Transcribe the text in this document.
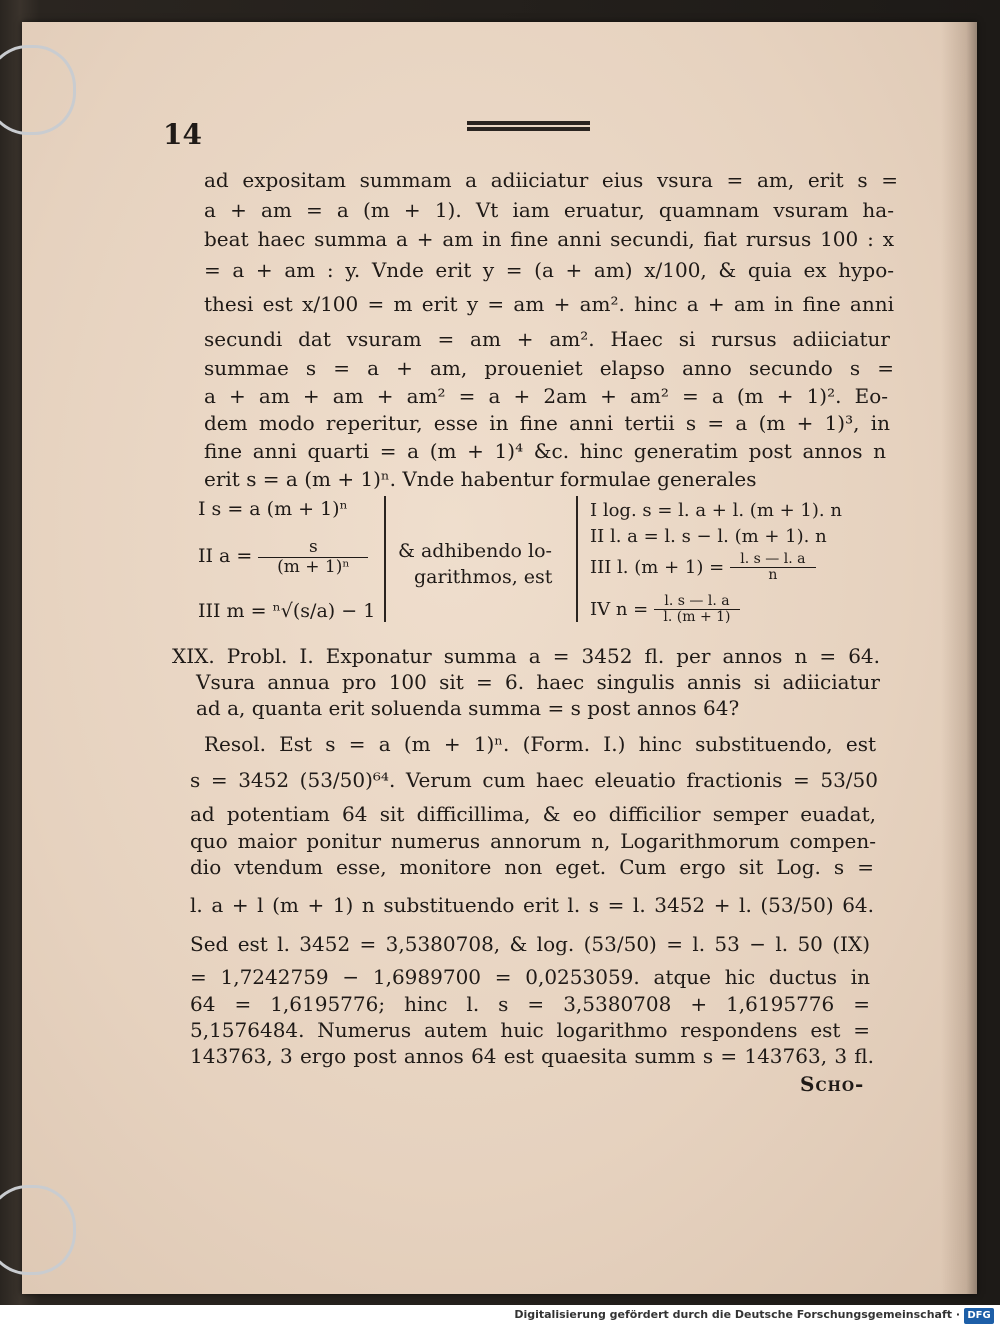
14
ad expositam summam a adiiciatur eius vsura = am, erit s =
a + am = a (m + 1). Vt iam eruatur, quamnam vsuram ha-
beat haec summa a + am in fine anni secundi, fiat rursus 100 : x
= a + am : y. Vnde erit y = (a + am) x/100, & quia ex hypo-
thesi est x/100 = m erit y = am + am². hinc a + am in fine anni
secundi dat vsuram = am + am². Haec si rursus adiiciatur
summae s = a + am, proueniet elapso anno secundo s =
a + am + am + am² = a + 2am + am² = a (m + 1)². Eo-
dem modo reperitur, esse in fine anni tertii s = a (m + 1)³, in
fine anni quarti = a (m + 1)⁴ &c. hinc generatim post annos n
erit s = a (m + 1)ⁿ. Vnde habentur formulae generales
I s = a (m + 1)ⁿ
II $a = \frac{s}{\text{(m + 1)ⁿ}}$
III m = ⁿ√(s/a) − 1
& adhibendo lo-
garithmos, est
I log. s = l. a + l. (m + 1). n
II l. a = l. s − l. (m + 1). n
III l. $(m + 1) = \frac{l. s — l. a}{n}$
IV $n = \frac{l. s — l. a}{l. (m + 1)}$
XIX. Probl. I. Exponatur summa a = 3452 fl. per annos n = 64.
Vsura annua pro 100 sit = 6. haec singulis annis si adiiciatur
ad a, quanta erit soluenda summa = s post annos 64?
Resol. Est s = a (m + 1)ⁿ. (Form. I.) hinc substituendo, est
s = 3452 (53/50)⁶⁴. Verum cum haec eleuatio fractionis = 53/50
ad potentiam 64 sit difficillima, & eo difficilior semper euadat,
quo maior ponitur numerus annorum n, Logarithmorum compen-
dio vtendum esse, monitore non eget. Cum ergo sit Log. s =
l. a + l (m + 1) n substituendo erit l. s = l. 3452 + l. (53/50) 64.
Sed est l. 3452 = 3,5380708, & log. (53/50) = l. 53 − l. 50 (IX)
= 1,7242759 − 1,6989700 = 0,0253059. atque hic ductus in
64 = 1,6195776; hinc l. s = 3,5380708 + 1,6195776 =
5,1576484. Numerus autem huic logarithmo respondens est =
143763, 3 ergo post annos 64 est quaesita summ s = 143763, 3 fl.
Scho-
Digitalisierung gefördert durch die Deutsche Forschungsgemeinschaft · DFG
